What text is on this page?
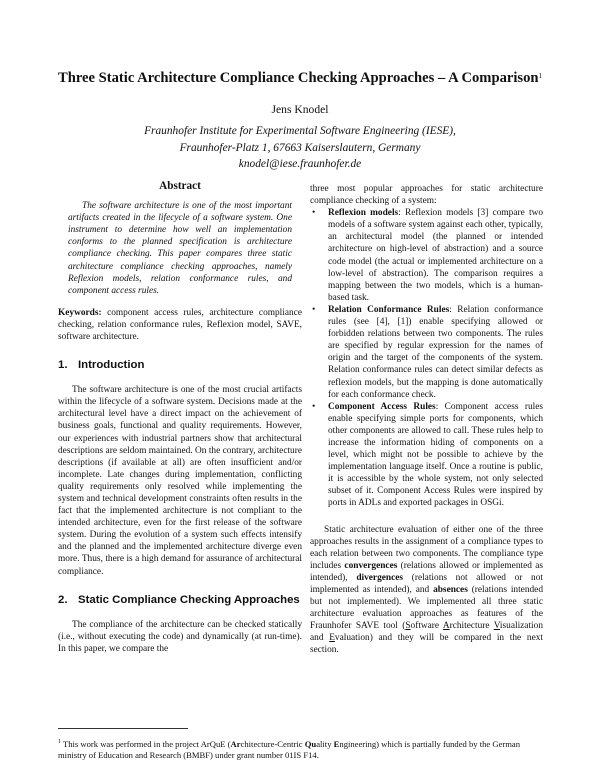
Three Static Architecture Compliance Checking Approaches – A Comparison$^1$
Jens Knodel
Fraunhofer Institute for Experimental Software Engineering (IESE),
Fraunhofer-Platz 1, 67663 Kaiserslautern, Germany
knodel@iese.fraunhofer.de
Abstract
The software architecture is one of the most important artifacts created in the lifecycle of a software system. One instrument to determine how well an implementation conforms to the planned specification is architecture compliance checking. This paper compares three static architecture compliance checking approaches, namely Reflexion models, relation conformance rules, and component access rules.
Keywords: component access rules, architecture compliance checking, relation conformance rules, Reflexion model, SAVE, software architecture.
1. Introduction
The software architecture is one of the most crucial artifacts within the lifecycle of a software system. Decisions made at the architectural level have a direct impact on the achievement of business goals, functional and quality requirements. However, our experiences with industrial partners show that architectural descriptions are seldom maintained. On the contrary, architecture descriptions (if available at all) are often insufficient and/or incomplete. Late changes during implementation, conflicting quality requirements only resolved while implementing the system and technical development constraints often results in the fact that the implemented architecture is not compliant to the intended architecture, even for the first release of the software system. During the evolution of a system such effects intensify and the planned and the implemented architecture diverge even more. Thus, there is a high demand for assurance of architectural compliance.
2. Static Compliance Checking Approaches
The compliance of the architecture can be checked statically (i.e., without executing the code) and dynamically (at run-time). In this paper, we compare the
three most popular approaches for static architecture compliance checking of a system:
• Reflexion models: Reflexion models [3] compare two models of a software system against each other, typically, an architectural model (the planned or intended architecture on high-level of abstraction) and a source code model (the actual or implemented architecture on a low-level of abstraction). The comparison requires a mapping between the two models, which is a human-based task.
• Relation Conformance Rules: Relation conformance rules (see [4], [1]) enable specifying allowed or forbidden relations between two components. The rules are specified by regular expression for the names of origin and the target of the components of the system. Relation conformance rules can detect similar defects as reflexion models, but the mapping is done automatically for each conformance check.
• Component Access Rules: Component access rules enable specifying simple ports for components, which other components are allowed to call. These rules help to increase the information hiding of components on a level, which might not be possible to achieve by the implementation language itself. Once a routine is public, it is accessible by the whole system, not only selected subset of it. Component Access Rules were inspired by ports in ADLs and exported packages in OSGi.
Static architecture evaluation of either one of the three approaches results in the assignment of a compliance types to each relation between two components. The compliance type includes convergences (relations allowed or implemented as intended), divergences (relations not allowed or not implemented as intended), and absences (relations intended but not implemented). We implemented all three static architecture evaluation approaches as features of the Fraunhofer SAVE tool (Software Architecture Visualization and Evaluation) and they will be compared in the next section.
$^1$ This work was performed in the project ArQuE (Architecture-Centric Quality Engineering) which is partially funded by the German ministry of Education and Research (BMBF) under grant number 01IS F14.
